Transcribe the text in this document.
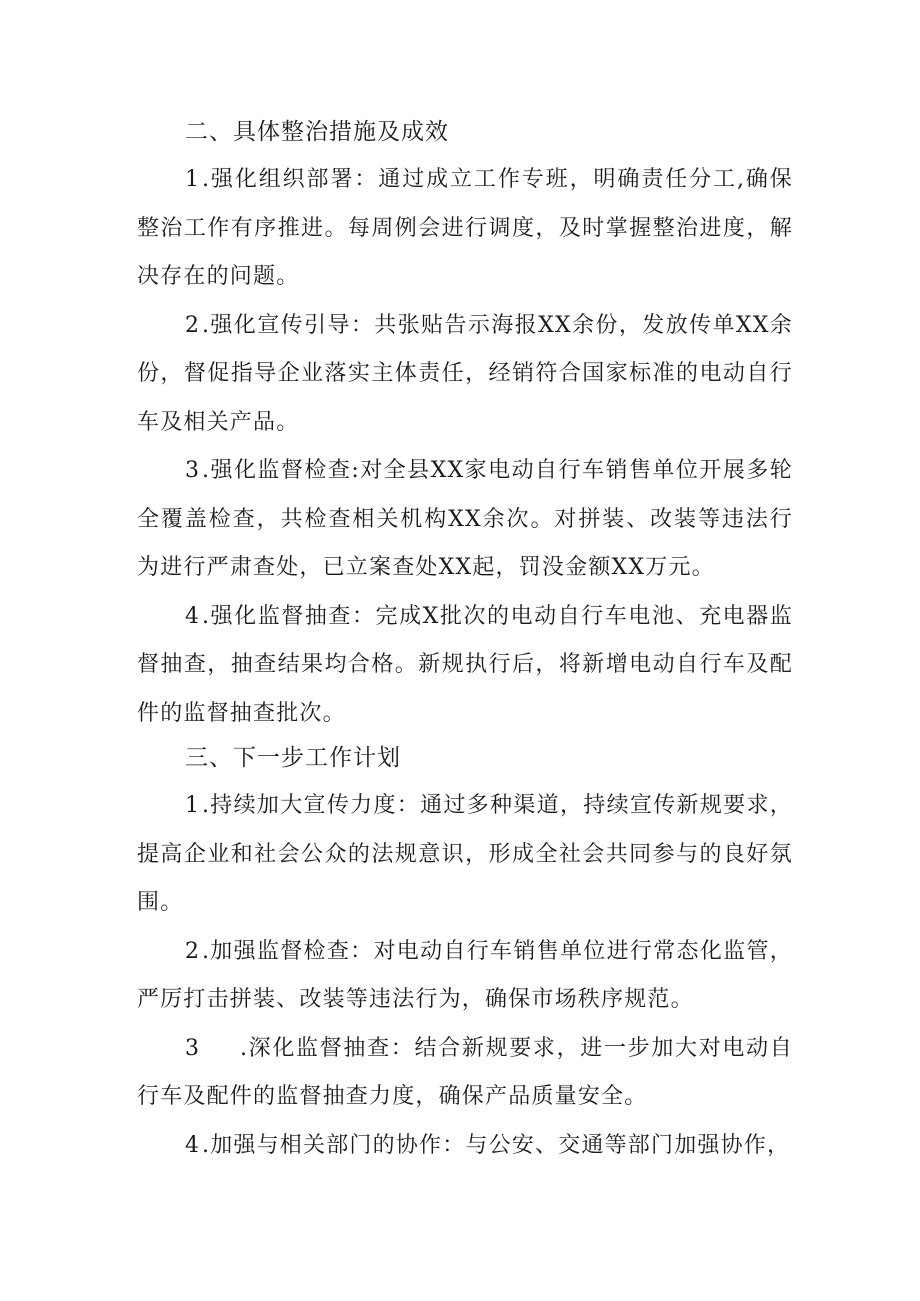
二、具体整治措施及成效

1.强化组织部署：通过成立工作专班，明确责任分工,确保整治工作有序推进。每周例会进行调度，及时掌握整治进度，解决存在的问题。

2.强化宣传引导：共张贴告示海报XX余份，发放传单XX余份，督促指导企业落实主体责任，经销符合国家标准的电动自行车及相关产品。

3.强化监督检查:对全县XX家电动自行车销售单位开展多轮全覆盖检查，共检查相关机构XX余次。对拼装、改装等违法行为进行严肃查处，已立案查处XX起，罚没金额XX万元。

4.强化监督抽查：完成X批次的电动自行车电池、充电器监督抽查，抽查结果均合格。新规执行后，将新增电动自行车及配件的监督抽查批次。

三、下一步工作计划

1.持续加大宣传力度：通过多种渠道，持续宣传新规要求，提高企业和社会公众的法规意识，形成全社会共同参与的良好氛围。

2.加强监督检查：对电动自行车销售单位进行常态化监管，严厉打击拼装、改装等违法行为，确保市场秩序规范。

3 .深化监督抽查：结合新规要求，进一步加大对电动自行车及配件的监督抽查力度，确保产品质量安全。

4.加强与相关部门的协作：与公安、交通等部门加强协作，
